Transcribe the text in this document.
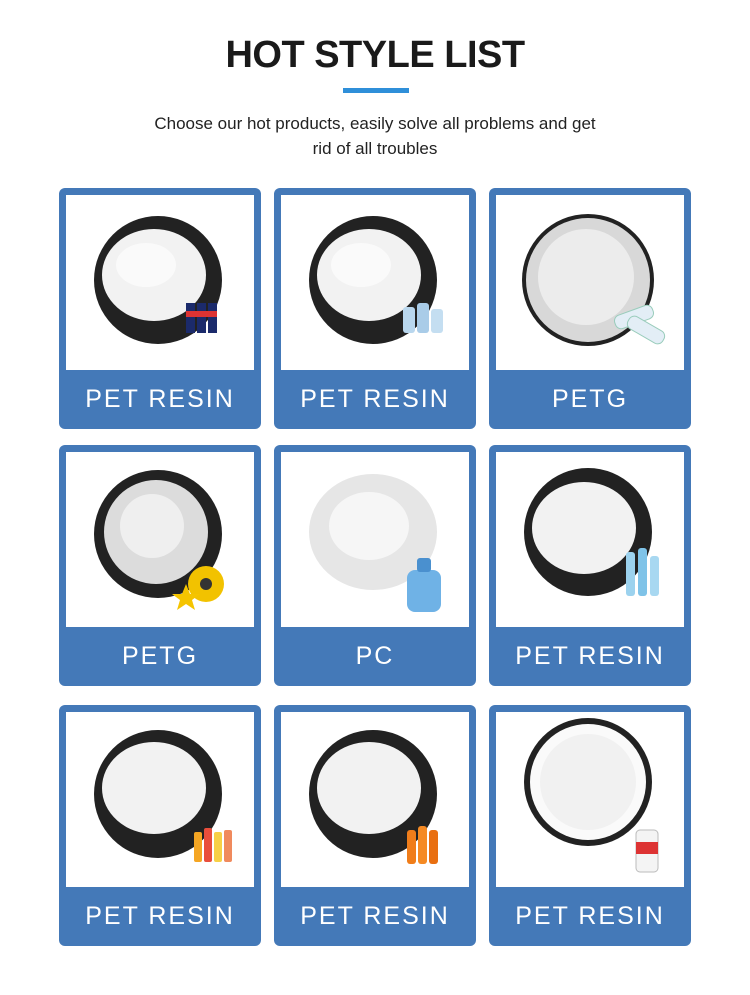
HOT STYLE LIST
Choose our hot products, easily solve all problems and get
rid of all troubles
PET RESIN	PET RESIN	PETG
PETG	PC	PET RESIN
PET RESIN	PET RESIN	PET RESIN
